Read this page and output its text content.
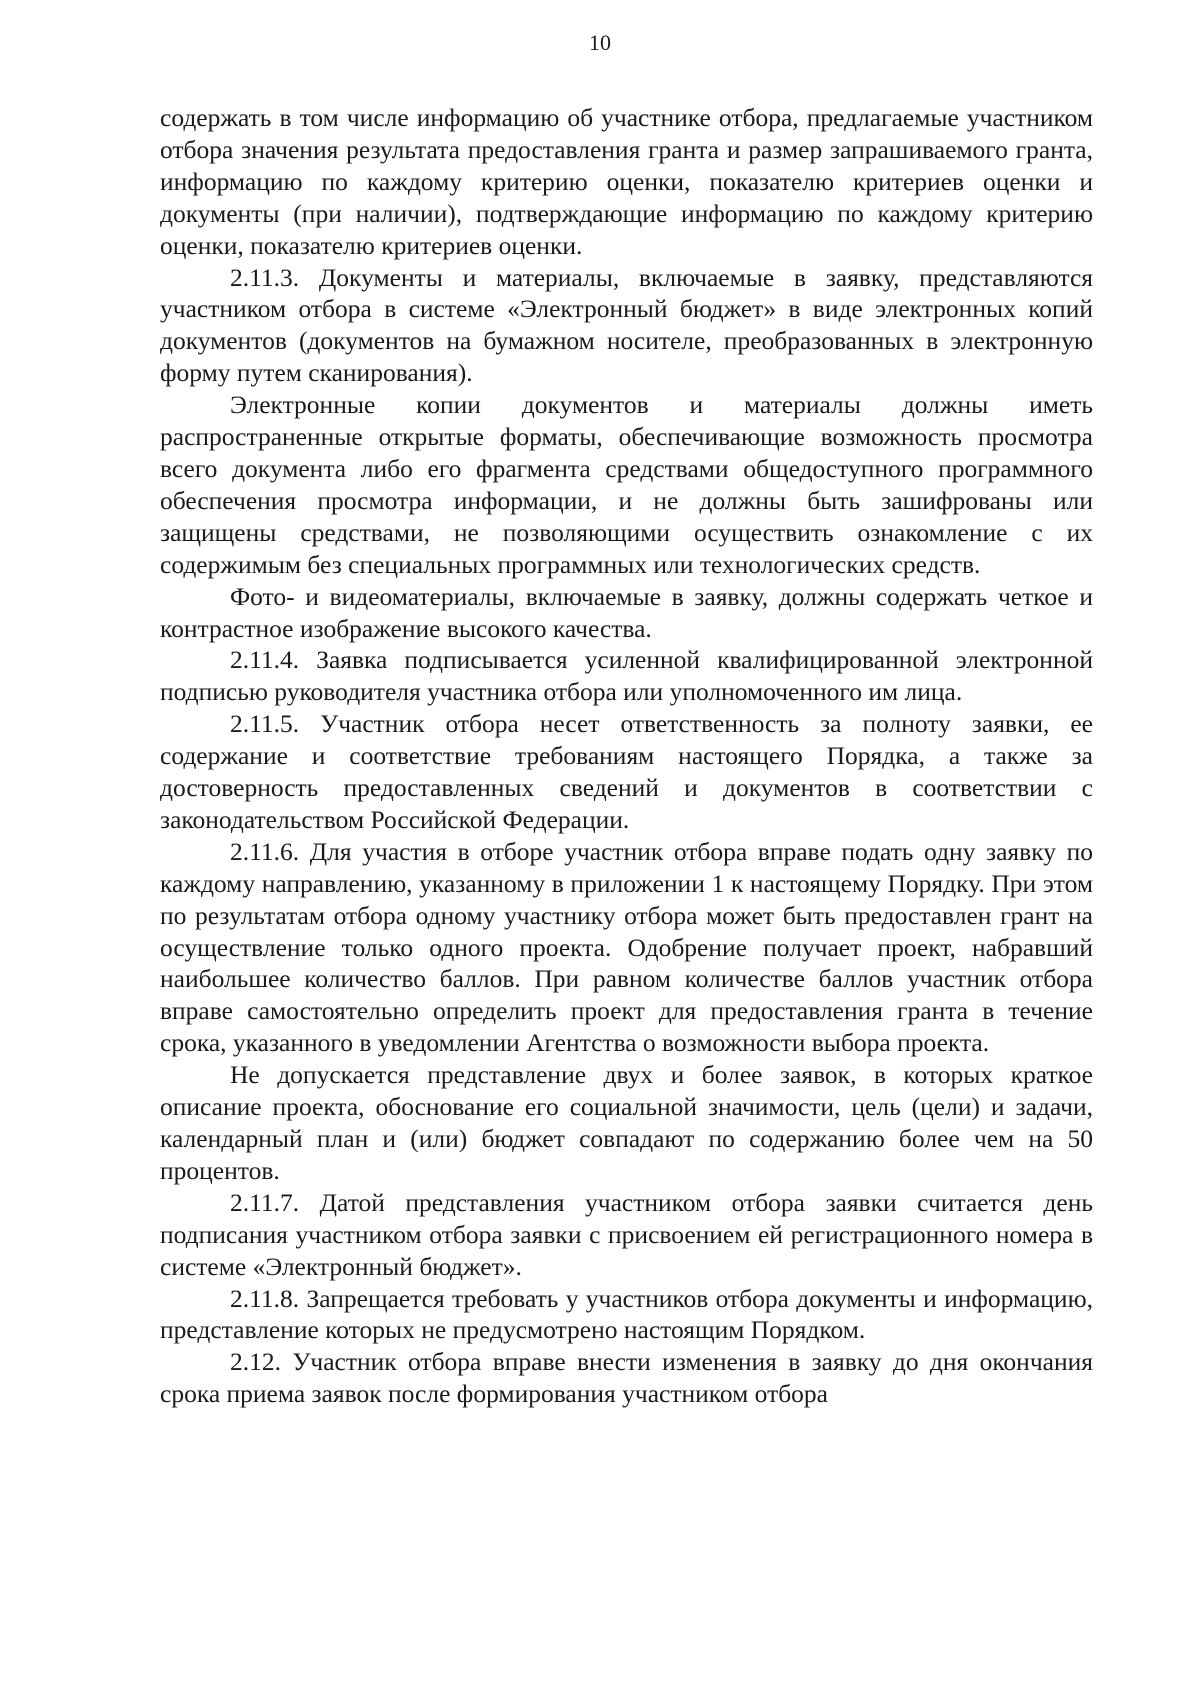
10

содержать в том числе информацию об участнике отбора, предлагаемые участником отбора значения результата предоставления гранта и размер запрашиваемого гранта, информацию по каждому критерию оценки, показателю критериев оценки и документы (при наличии), подтверждающие информацию по каждому критерию оценки, показателю критериев оценки.

2.11.3. Документы и материалы, включаемые в заявку, представляются участником отбора в системе «Электронный бюджет» в виде электронных копий документов (документов на бумажном носителе, преобразованных в электронную форму путем сканирования).

Электронные копии документов и материалы должны иметь распространенные открытые форматы, обеспечивающие возможность просмотра всего документа либо его фрагмента средствами общедоступного программного обеспечения просмотра информации, и не должны быть зашифрованы или защищены средствами, не позволяющими осуществить ознакомление с их содержимым без специальных программных или технологических средств.

Фото- и видеоматериалы, включаемые в заявку, должны содержать четкое и контрастное изображение высокого качества.

2.11.4. Заявка подписывается усиленной квалифицированной электронной подписью руководителя участника отбора или уполномоченного им лица.

2.11.5. Участник отбора несет ответственность за полноту заявки, ее содержание и соответствие требованиям настоящего Порядка, а также за достоверность предоставленных сведений и документов в соответствии с законодательством Российской Федерации.

2.11.6. Для участия в отборе участник отбора вправе подать одну заявку по каждому направлению, указанному в приложении 1 к настоящему Порядку. При этом по результатам отбора одному участнику отбора может быть предоставлен грант на осуществление только одного проекта. Одобрение получает проект, набравший наибольшее количество баллов. При равном количестве баллов участник отбора вправе самостоятельно определить проект для предоставления гранта в течение срока, указанного в уведомлении Агентства о возможности выбора проекта.

Не допускается представление двух и более заявок, в которых краткое описание проекта, обоснование его социальной значимости, цель (цели) и задачи, календарный план и (или) бюджет совпадают по содержанию более чем на 50 процентов.

2.11.7. Датой представления участником отбора заявки считается день подписания участником отбора заявки с присвоением ей регистрационного номера в системе «Электронный бюджет».

2.11.8. Запрещается требовать у участников отбора документы и информацию, представление которых не предусмотрено настоящим Порядком.

2.12. Участник отбора вправе внести изменения в заявку до дня окончания срока приема заявок после формирования участником отбора
